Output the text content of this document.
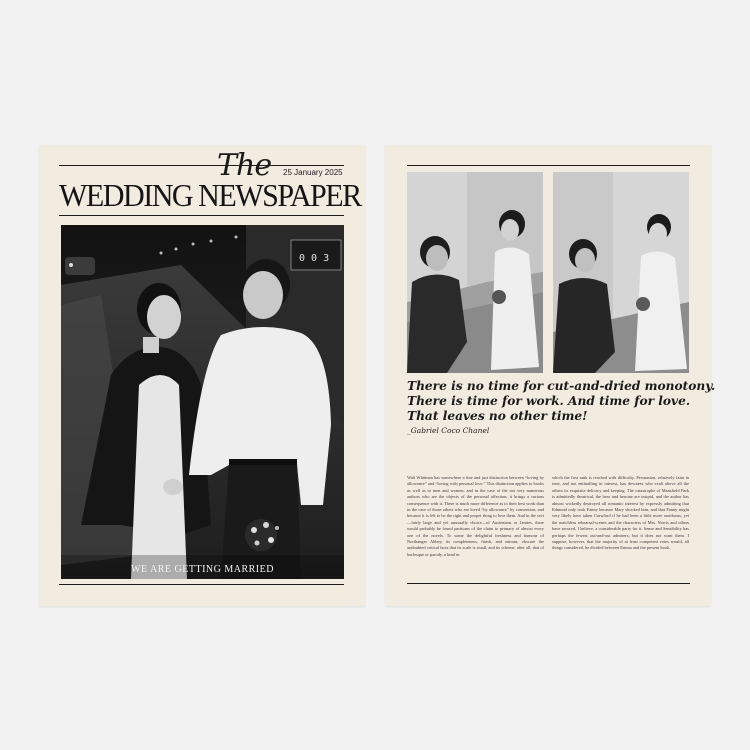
The 25 January 2025
WEDDING NEWSPAPER
0 0 3
WE ARE GETTING MARRIED
There is no time for cut-and-dried monotony.
There is time for work. And time for love.
That leaves no other time!
_Gabriel Coco Chanel
Walt Whitman has somewhere a fine and just distinction between “loving by allowance” and “loving with personal love.” This distinction applies to books as well as to men and women; and in the case of the not very numerous authors who are the objects of the personal affection, it brings a curious consequence with it. There is much more difference as to their best work than in the case of those others who are loved “by allowance” by convention, and because it is felt to be the right and proper thing to love them. And in the sect—fairly large and yet unusually choice—of Austenians or Janites, there would probably be found partisans of the claim to primacy of almost every one of the novels. To some the delightful freshness and humour of Northanger Abbey, its completeness, finish, and entrain, obscure the undoubted critical facts that its scale is small, and its scheme, after all, that of burlesque or parody, a kind in
which the first rank is reached with difficulty. Persuasion, relatively faint in tone, and not enthralling in interest, has devotees who exalt above all the others its exquisite delicacy and keeping. The catastrophe of Mansfield Park is admittedly theatrical, the hero and heroine are insipid, and the author has almost wickedly destroyed all romantic interest by expressly admitting that Edmund only took Fanny because Mary shocked him, and that Fanny might very likely have taken Crawford if he had been a little more assiduous; yet the matchless rehearsal-scenes and the characters of Mrs. Norris and others have secured, I believe, a considerable party for it. Sense and Sensibility has perhaps the fewest out-and-out admirers; but it does not want them. I suppose, however, that the majority of at least competent votes would, all things considered, be divided between Emma and the present book.
